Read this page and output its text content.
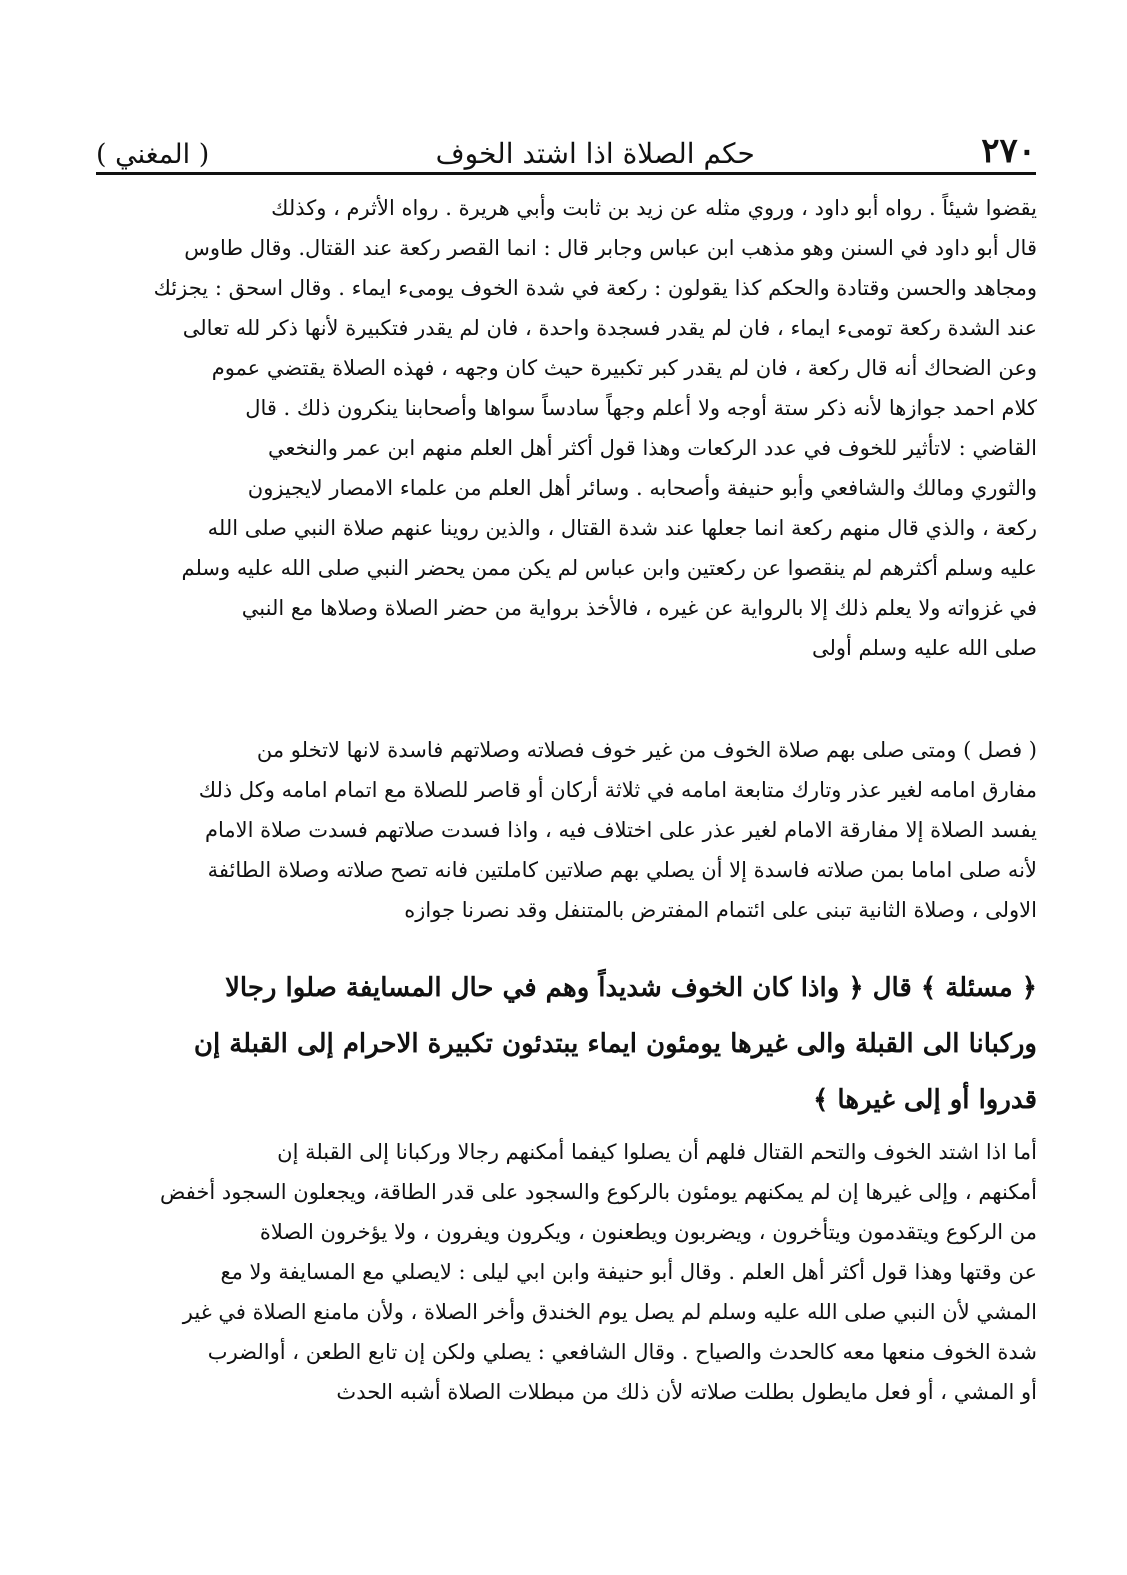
٢٧٠
حكم الصلاة اذا اشتد الخوف
( المغني )
يقضوا شيئاً . رواه أبو داود ، وروي مثله عن زيد بن ثابت وأبي هريرة . رواه الأثرم ، وكذلك
قال أبو داود في السنن وهو مذهب ابن عباس وجابر قال : انما القصر ركعة عند القتال. وقال طاوس
ومجاهد والحسن وقتادة والحكم كذا يقولون : ركعة في شدة الخوف يومىء ايماء . وقال اسحق : يجزئك
عند الشدة ركعة تومىء ايماء ، فان لم يقدر فسجدة واحدة ، فان لم يقدر فتكبيرة لأنها ذكر لله تعالى
وعن الضحاك أنه قال ركعة ، فان لم يقدر كبر تكبيرة حيث كان وجهه ، فهذه الصلاة يقتضي عموم
كلام احمد جوازها لأنه ذكر ستة أوجه ولا أعلم وجهاً سادساً سواها وأصحابنا ينكرون ذلك . قال
القاضي : لاتأثير للخوف في عدد الركعات وهذا قول أكثر أهل العلم منهم ابن عمر والنخعي
والثوري ومالك والشافعي وأبو حنيفة وأصحابه . وسائر أهل العلم من علماء الامصار لايجيزون
ركعة ، والذي قال منهم ركعة انما جعلها عند شدة القتال ، والذين روينا عنهم صلاة النبي صلى الله
عليه وسلم أكثرهم لم ينقصوا عن ركعتين وابن عباس لم يكن ممن يحضر النبي صلى الله عليه وسلم
في غزواته ولا يعلم ذلك إلا بالرواية عن غيره ، فالأخذ برواية من حضر الصلاة وصلاها مع النبي
صلى الله عليه وسلم أولى
( فصل ) ومتى صلى بهم صلاة الخوف من غير خوف فصلاته وصلاتهم فاسدة لانها لاتخلو من
مفارق امامه لغير عذر وتارك متابعة امامه في ثلاثة أركان أو قاصر للصلاة مع اتمام امامه وكل ذلك
يفسد الصلاة إلا مفارقة الامام لغير عذر على اختلاف فيه ، واذا فسدت صلاتهم فسدت صلاة الامام
لأنه صلى اماما بمن صلاته فاسدة إلا أن يصلي بهم صلاتين كاملتين فانه تصح صلاته وصلاة الطائفة
الاولى ، وصلاة الثانية تبنى على ائتمام المفترض بالمتنفل وقد نصرنا جوازه
﴿ مسئلة ﴾ قال ﴿ واذا كان الخوف شديداً وهم في حال المسايفة صلوا رجالا
وركبانا الى القبلة والى غيرها يومئون ايماء يبتدئون تكبيرة الاحرام إلى القبلة إن
قدروا أو إلى غيرها ﴾
أما اذا اشتد الخوف والتحم القتال فلهم أن يصلوا كيفما أمكنهم رجالا وركبانا إلى القبلة إن
أمكنهم ، وإلى غيرها إن لم يمكنهم يومئون بالركوع والسجود على قدر الطاقة، ويجعلون السجود أخفض
من الركوع ويتقدمون ويتأخرون ، ويضربون ويطعنون ، ويكرون ويفرون ، ولا يؤخرون الصلاة
عن وقتها وهذا قول أكثر أهل العلم . وقال أبو حنيفة وابن ابي ليلى : لايصلي مع المسايفة ولا مع
المشي لأن النبي صلى الله عليه وسلم لم يصل يوم الخندق وأخر الصلاة ، ولأن مامنع الصلاة في غير
شدة الخوف منعها معه كالحدث والصياح . وقال الشافعي : يصلي ولكن إن تابع الطعن ، أوالضرب
أو المشي ، أو فعل مايطول بطلت صلاته لأن ذلك من مبطلات الصلاة أشبه الحدث
